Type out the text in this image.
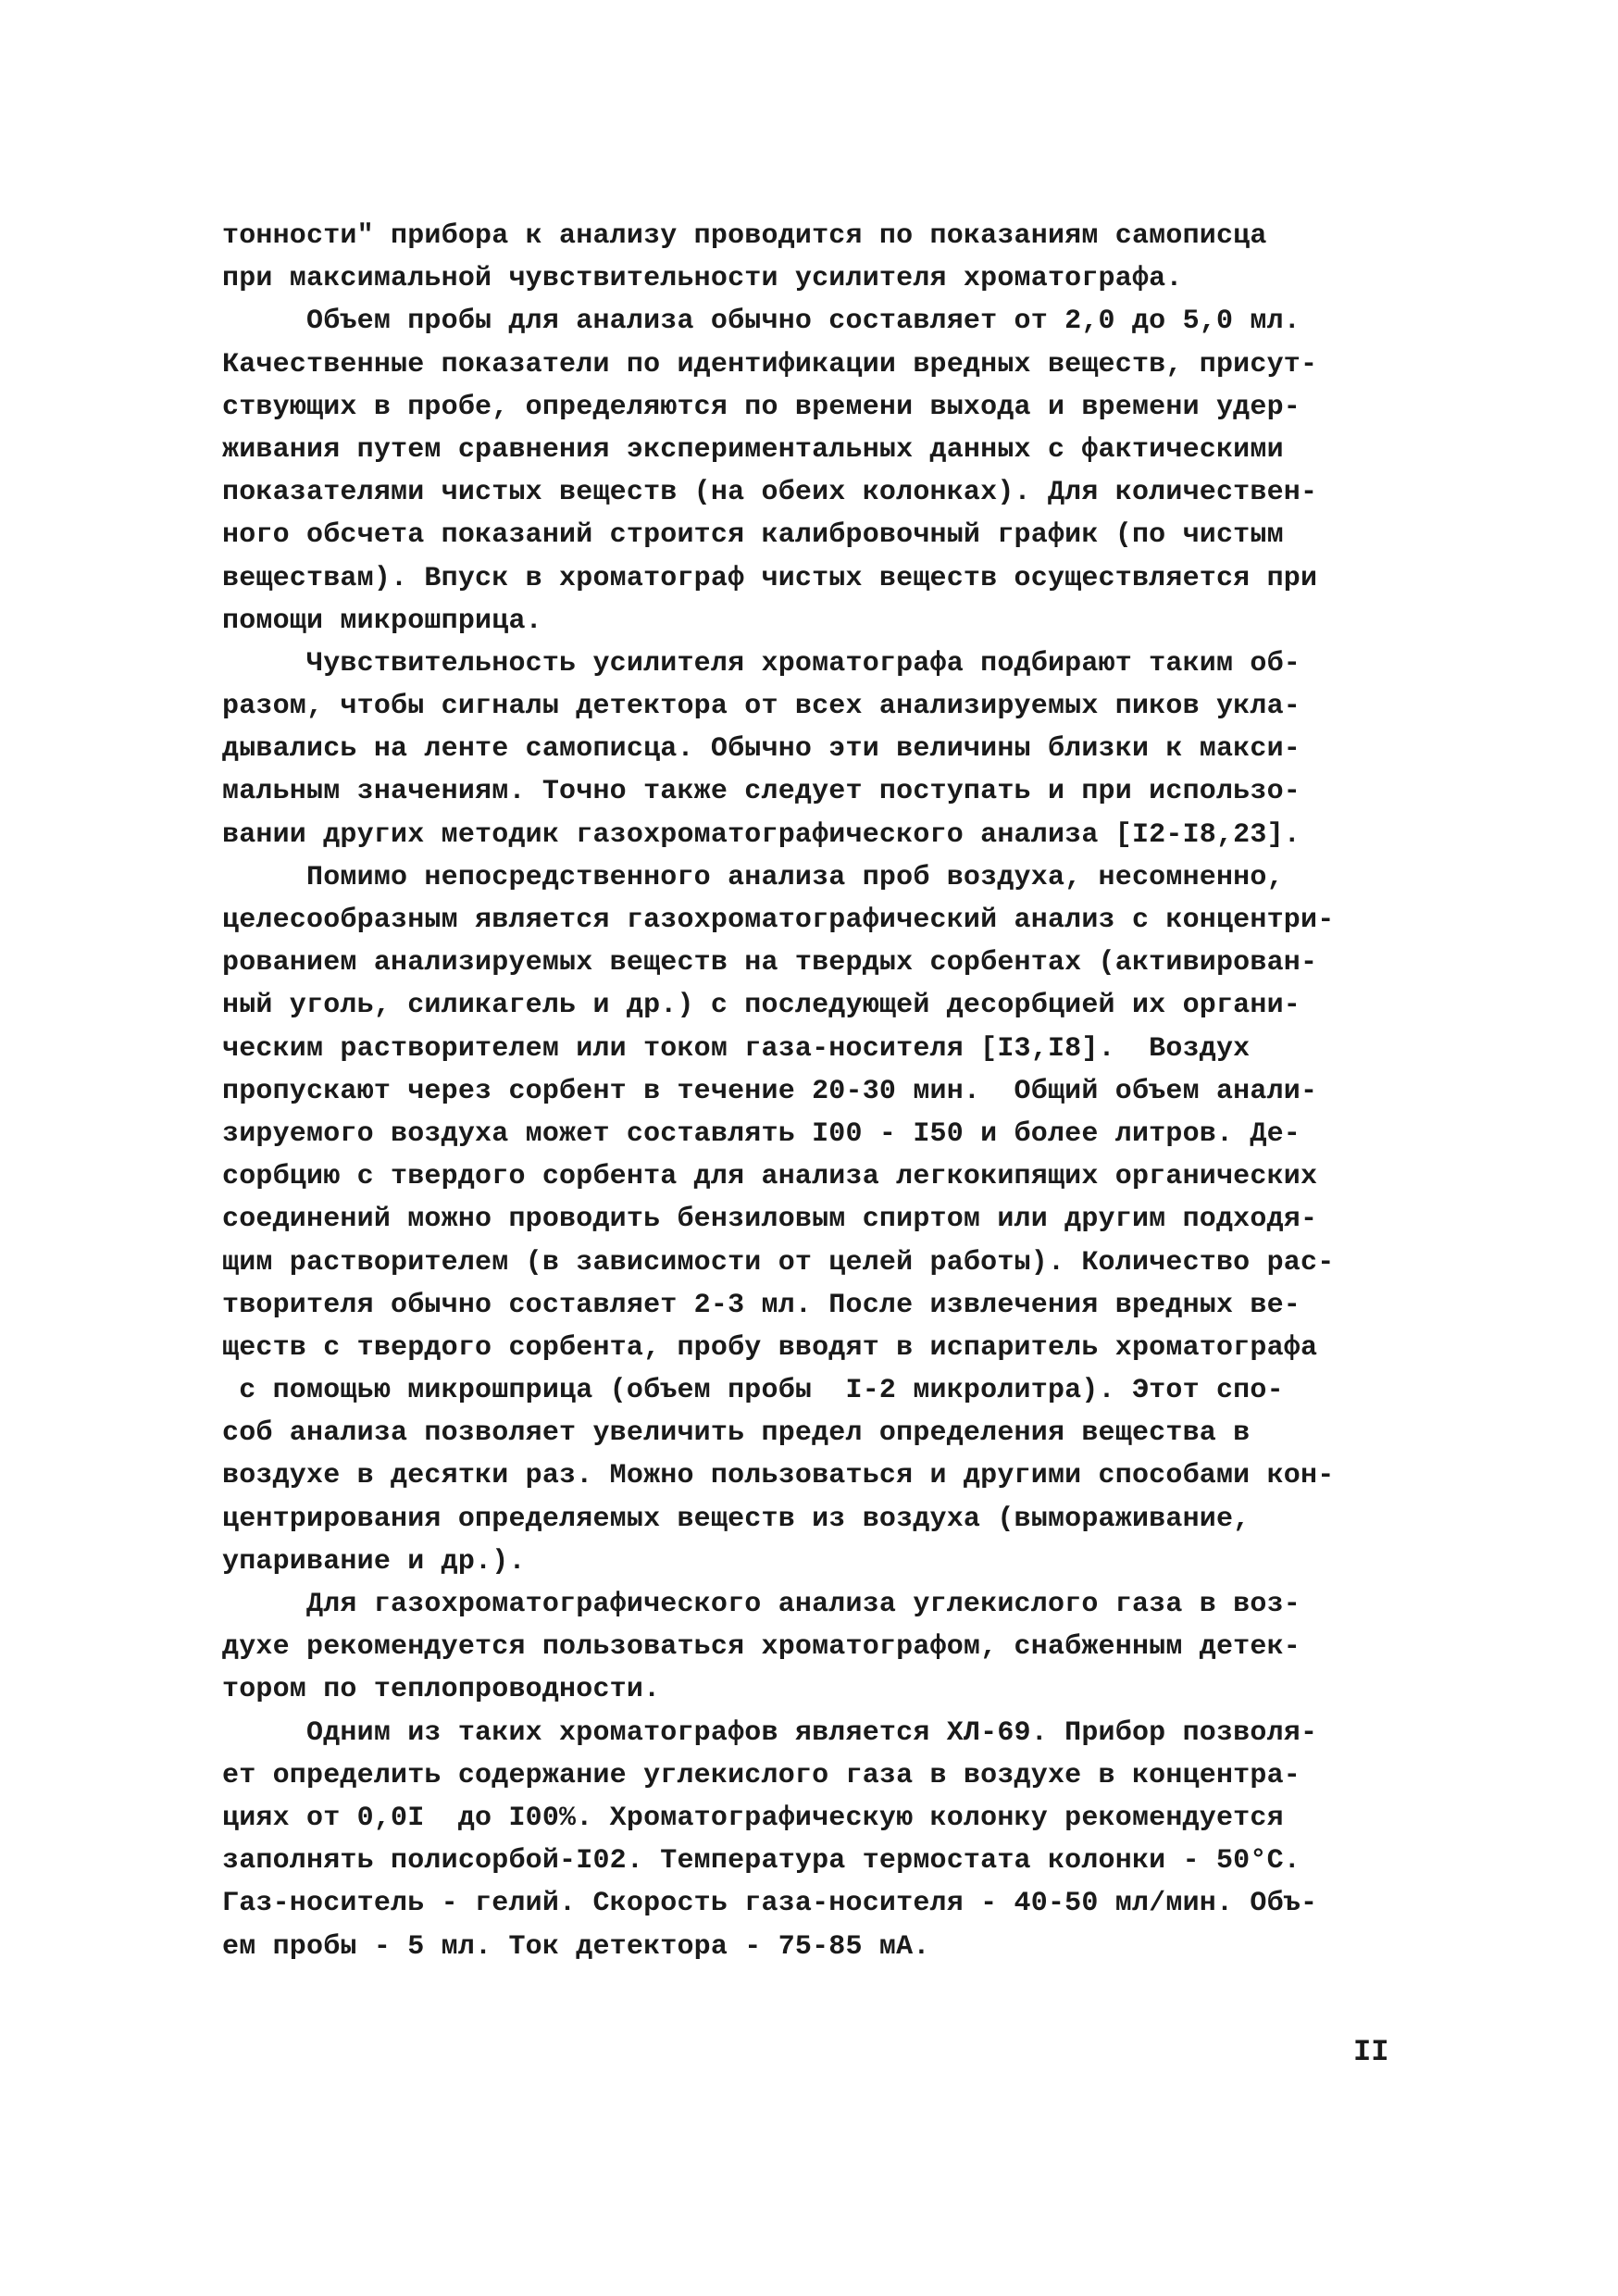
тонности" прибора к анализу проводится по показаниям самописца
при максимальной чувствительности усилителя хроматографа.
Объем пробы для анализа обычно составляет от 2,0 до 5,0 мл.
Качественные показатели по идентификации вредных веществ, присут-
ствующих в пробе, определяются по времени выхода и времени удер-
живания путем сравнения экспериментальных данных с фактическими
показателями чистых веществ (на обеих колонках). Для количествен-
ного обсчета показаний строится калибровочный график (по чистым
веществам). Впуск в хроматограф чистых веществ осуществляется при
помощи микрошприца.
Чувствительность усилителя хроматографа подбирают таким об-
разом, чтобы сигналы детектора от всех анализируемых пиков укла-
дывались на ленте самописца. Обычно эти величины близки к макси-
мальным значениям. Точно также следует поступать и при использо-
вании других методик газохроматографического анализа [I2-I8,23].
Помимо непосредственного анализа проб воздуха, несомненно,
целесообразным является газохроматографический анализ с концентри-
рованием анализируемых веществ на твердых сорбентах (активирован-
ный уголь, силикагель и др.) с последующей десорбцией их органи-
ческим растворителем или током газа-носителя [I3,I8].  Воздух
пропускают через сорбент в течение 20-30 мин.  Общий объем анали-
зируемого воздуха может составлять I00 - I50 и более литров. Де-
сорбцию с твердого сорбента для анализа легкокипящих органических
соединений можно проводить бензиловым спиртом или другим подходя-
щим растворителем (в зависимости от целей работы). Количество рас-
творителя обычно составляет 2-3 мл. После извлечения вредных ве-
ществ с твердого сорбента, пробу вводят в испаритель хроматографа
с помощью микрошприца (объем пробы  I-2 микролитра). Этот спо-
соб анализа позволяет увеличить предел определения вещества в
воздухе в десятки раз. Можно пользоваться и другими способами кон-
центрирования определяемых веществ из воздуха (вымораживание,
упаривание и др.).
Для газохроматографического анализа углекислого газа в воз-
духе рекомендуется пользоваться хроматографом, снабженным детек-
тором по теплопроводности.
Одним из таких хроматографов является ХЛ-69. Прибор позволя-
ет определить содержание углекислого газа в воздухе в концентра-
циях от 0,0I  до I00%. Хроматографическую колонку рекомендуется
заполнять полисорбой-I02. Температура термостата колонки - 50°С.
Газ-носитель - гелий. Скорость газа-носителя - 40-50 мл/мин. Объ-
ем пробы - 5 мл. Ток детектора - 75-85 мА.
II
